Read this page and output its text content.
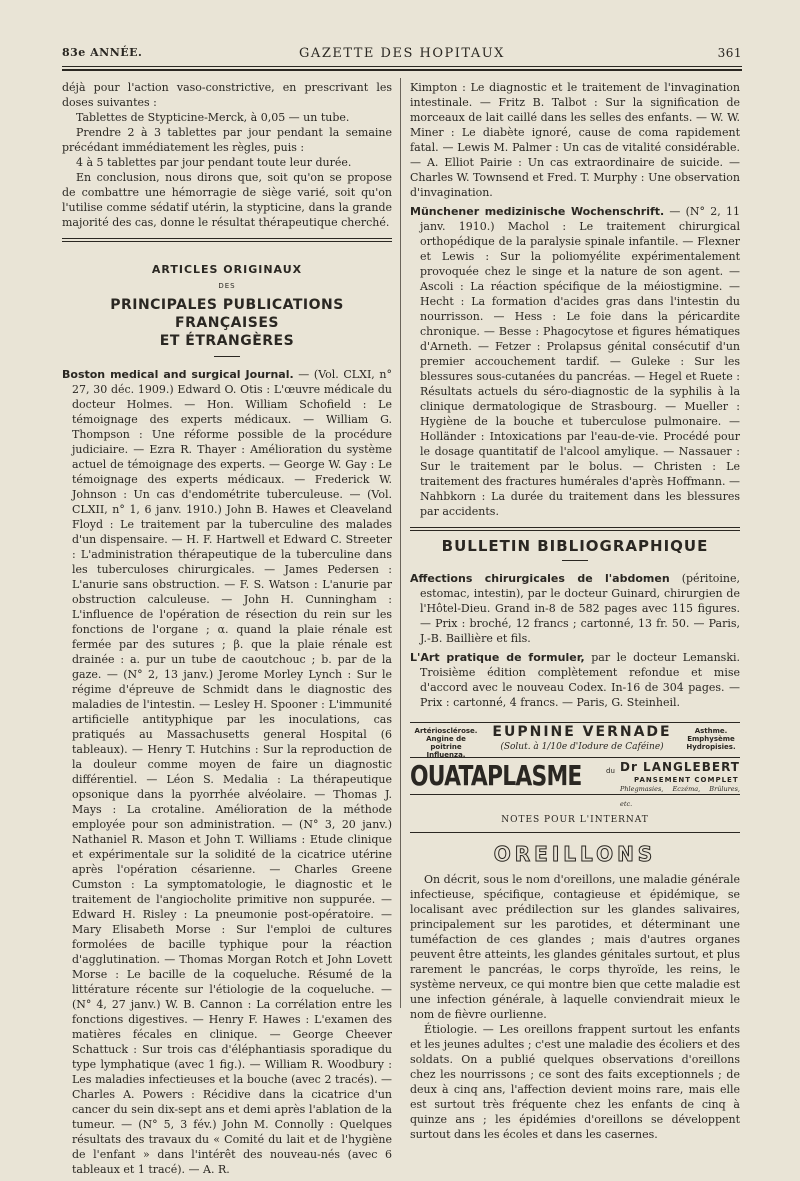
83e ANNÉE.	GAZETTE DES HOPITAUX	361

déjà pour l'action vaso-constrictive, en prescrivant les doses suivantes :

Tablettes de Stypticine-Merck, à 0,05 — un tube.

Prendre 2 à 3 tablettes par jour pendant la semaine précédant immédiatement les règles, puis :

4 à 5 tablettes par jour pendant toute leur durée.

En conclusion, nous dirons que, soit qu'on se propose de combattre une hémorragie de siège varié, soit qu'on l'utilise comme sédatif utérin, la stypticine, dans la grande majorité des cas, donne le résultat thérapeutique cherché.

ARTICLES ORIGINAUX
DES
PRINCIPALES PUBLICATIONS FRANÇAISES
ET ÉTRANGÈRES

Boston medical and surgical Journal. — (Vol. CLXI, n° 27, 30 déc. 1909.) Edward O. Otis : L'œuvre médicale du docteur Holmes. — Hon. William Schofield : Le témoignage des experts médicaux. — William G. Thompson : Une réforme possible de la procédure judiciaire. — Ezra R. Thayer : Amélioration du système actuel de témoignage des experts. — George W. Gay : Le témoignage des experts médicaux. — Frederick W. Johnson : Un cas d'endométrite tuberculeuse. — (Vol. CLXII, n° 1, 6 janv. 1910.) John B. Hawes et Cleaveland Floyd : Le traitement par la tuberculine des malades d'un dispensaire. — H. F. Hartwell et Edward C. Streeter : L'administration thérapeutique de la tuberculine dans les tuberculoses chirurgicales. — James Pedersen : L'anurie sans obstruction. — F. S. Watson : L'anurie par obstruction calculeuse. — John H. Cunningham : L'influence de l'opération de résection du rein sur les fonctions de l'organe ; α. quand la plaie rénale est fermée par des sutures ; β. que la plaie rénale est drainée : a. pur un tube de caoutchouc ; b. par de la gaze. — (N° 2, 13 janv.) Jerome Morley Lynch : Sur le régime d'épreuve de Schmidt dans le diagnostic des maladies de l'intestin. — Lesley H. Spooner : L'immunité artificielle antityphique par les inoculations, cas pratiqués au Massachusetts general Hospital (6 tableaux). — Henry T. Hutchins : Sur la reproduction de la douleur comme moyen de faire un diagnostic différentiel. — Léon S. Medalia : La thérapeutique opsonique dans la pyorrhée alvéolaire. — Thomas J. Mays : La crotaline. Amélioration de la méthode employée pour son administration. — (N° 3, 20 janv.) Nathaniel R. Mason et John T. Williams : Etude clinique et expérimentale sur la solidité de la cicatrice utérine après l'opération césarienne. — Charles Greene Cumston : La symptomatologie, le diagnostic et le traitement de l'angiocholite primitive non suppurée. — Edward H. Risley : La pneumonie post-opératoire. — Mary Elisabeth Morse : Sur l'emploi de cultures formolées de bacille typhique pour la réaction d'agglutination. — Thomas Morgan Rotch et John Lovett Morse : Le bacille de la coqueluche. Résumé de la littérature récente sur l'étiologie de la coqueluche. — (N° 4, 27 janv.) W. B. Cannon : La corrélation entre les fonctions digestives. — Henry F. Hawes : L'examen des matières fécales en clinique. — George Cheever Schattuck : Sur trois cas d'éléphantiasis sporadique du type lymphatique (avec 1 fig.). — William R. Woodbury : Les maladies infectieuses et la bouche (avec 2 tracés). — Charles A. Powers : Récidive dans la cicatrice d'un cancer du sein dix-sept ans et demi après l'ablation de la tumeur. — (N° 5, 3 fév.) John M. Connolly : Quelques résultats des travaux du « Comité du lait et de l'hygiène de l'enfant » dans l'intérêt des nouveau-nés (avec 6 tableaux et 1 tracé). — A. R.

Kimpton : Le diagnostic et le traitement de l'invagination intestinale. — Fritz B. Talbot : Sur la signification de morceaux de lait caillé dans les selles des enfants. — W. W. Miner : Le diabète ignoré, cause de coma rapidement fatal. — Lewis M. Palmer : Un cas de vitalité considérable. — A. Elliot Pairie : Un cas extraordinaire de suicide. — Charles W. Townsend et Fred. T. Murphy : Une observation d'invagination.

Münchener medizinische Wochenschrift. — (N° 2, 11 janv. 1910.) Machol : Le traitement chirurgical orthopédique de la paralysie spinale infantile. — Flexner et Lewis : Sur la poliomyélite expérimentalement provoquée chez le singe et la nature de son agent. — Ascoli : La réaction spécifique de la méiostigmine. — Hecht : La formation d'acides gras dans l'intestin du nourrisson. — Hess : Le foie dans la péricardite chronique. — Besse : Phagocytose et figures hématiques d'Arneth. — Fetzer : Prolapsus génital consécutif d'un premier accouchement tardif. — Guleke : Sur les blessures sous-cutanées du pancréas. — Hegel et Ruete : Résultats actuels du séro-diagnostic de la syphilis à la clinique dermatologique de Strasbourg. — Mueller : Hygiène de la bouche et tuberculose pulmonaire. — Holländer : Intoxications par l'eau-de-vie. Procédé pour le dosage quantitatif de l'alcool amylique. — Nassauer : Sur le traitement par le bolus. — Christen : Le traitement des fractures humérales d'après Hoffmann. — Nahbkorn : La durée du traitement dans les blessures par accidents.

BULLETIN BIBLIOGRAPHIQUE

Affections chirurgicales de l'abdomen (péritoine, estomac, intestin), par le docteur Guinard, chirurgien de l'Hôtel-Dieu. Grand in-8 de 582 pages avec 115 figures. — Prix : broché, 12 francs ; cartonné, 13 fr. 50. — Paris, J.-B. Baillière et fils.

L'Art pratique de formuler, par le docteur Lemanski. Troisième édition complètement refondue et mise d'accord avec le nouveau Codex. In-16 de 304 pages. — Prix : cartonné, 4 francs. — Paris, G. Steinheil.

Artériosclérose. Angine de poitrine Influenza.
EUPNINE VERNADE
(Solut. à 1/10e d'Iodure de Caféine)
Asthme. Emphysème Hydropisies.
OUATAPLASME	du Dr LANGLEBERT
PANSEMENT COMPLET
Phlegmasies, Eczéma, Brûlures, etc.
NOTES POUR L'INTERNAT
OREILLONS

On décrit, sous le nom d'oreillons, une maladie générale infectieuse, spécifique, contagieuse et épidémique, se localisant avec prédilection sur les glandes salivaires, principalement sur les parotides, et déterminant une tuméfaction de ces glandes ; mais d'autres organes peuvent être atteints, les glandes génitales surtout, et plus rarement le pancréas, le corps thyroïde, les reins, le système nerveux, ce qui montre bien que cette maladie est une infection générale, à laquelle conviendrait mieux le nom de fièvre ourlienne.

Étiologie. — Les oreillons frappent surtout les enfants et les jeunes adultes ; c'est une maladie des écoliers et des soldats. On a publié quelques observations d'oreillons chez les nourrissons ; ce sont des faits exceptionnels ; de deux à cinq ans, l'affection devient moins rare, mais elle est surtout très fréquente chez les enfants de cinq à quinze ans ; les épidémies d'oreillons se développent surtout dans les écoles et dans les casernes.
